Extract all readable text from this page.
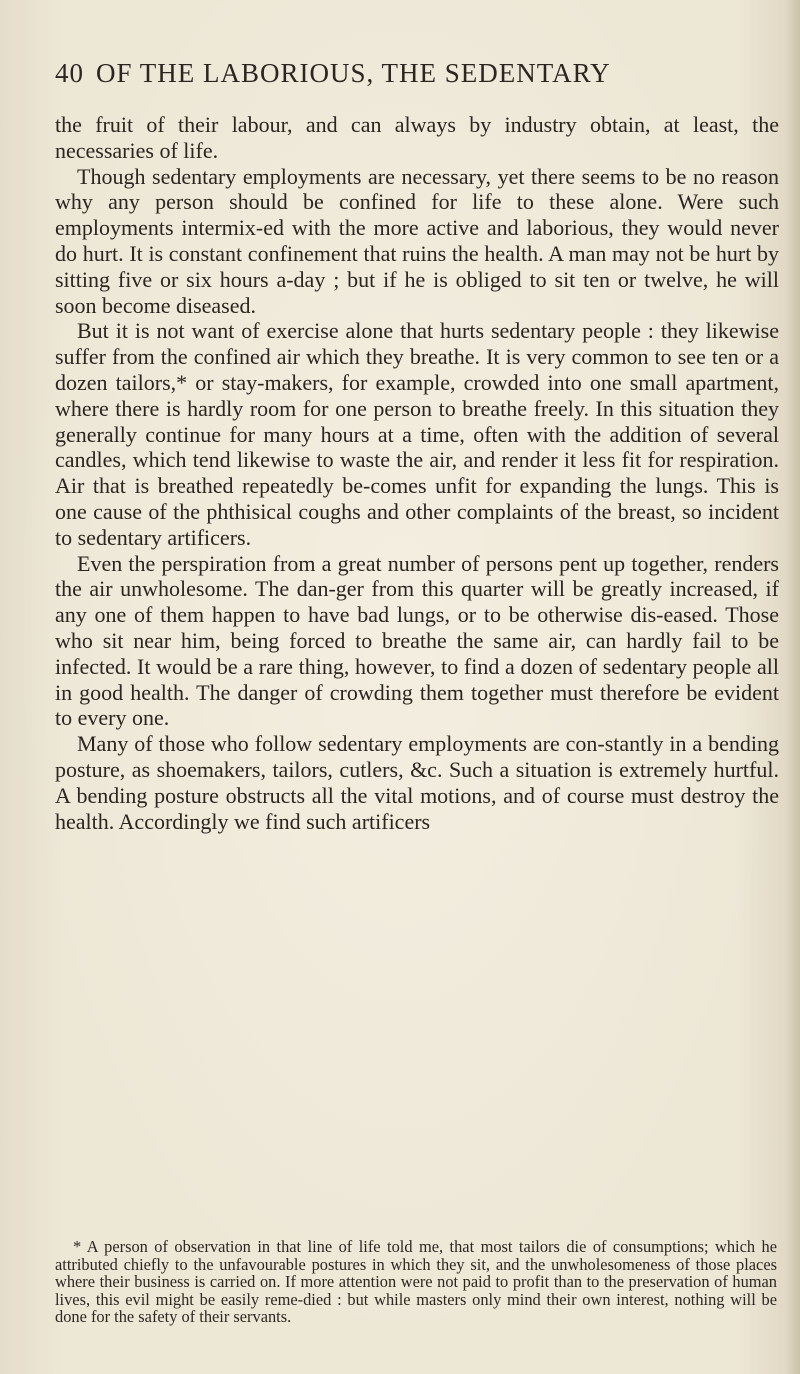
40 OF THE LABORIOUS, THE SEDENTARY

the fruit of their labour, and can always by industry obtain, at least, the necessaries of life.

Though sedentary employments are necessary, yet there seems to be no reason why any person should be confined for life to these alone. Were such employments intermix-ed with the more active and laborious, they would never do hurt. It is constant confinement that ruins the health. A man may not be hurt by sitting five or six hours a-day ; but if he is obliged to sit ten or twelve, he will soon become diseased.

But it is not want of exercise alone that hurts sedentary people : they likewise suffer from the confined air which they breathe. It is very common to see ten or a dozen tailors,* or stay-makers, for example, crowded into one small apartment, where there is hardly room for one person to breathe freely. In this situation they generally continue for many hours at a time, often with the addition of several candles, which tend likewise to waste the air, and render it less fit for respiration. Air that is breathed repeatedly be-comes unfit for expanding the lungs. This is one cause of the phthisical coughs and other complaints of the breast, so incident to sedentary artificers.

Even the perspiration from a great number of persons pent up together, renders the air unwholesome. The dan-ger from this quarter will be greatly increased, if any one of them happen to have bad lungs, or to be otherwise dis-eased. Those who sit near him, being forced to breathe the same air, can hardly fail to be infected. It would be a rare thing, however, to find a dozen of sedentary people all in good health. The danger of crowding them together must therefore be evident to every one.

Many of those who follow sedentary employments are con-stantly in a bending posture, as shoemakers, tailors, cutlers, &c. Such a situation is extremely hurtful. A bending posture obstructs all the vital motions, and of course must destroy the health. Accordingly we find such artificers

* A person of observation in that line of life told me, that most tailors die of consumptions; which he attributed chiefly to the unfavourable postures in which they sit, and the unwholesomeness of those places where their business is carried on. If more attention were not paid to profit than to the preservation of human lives, this evil might be easily reme-died : but while masters only mind their own interest, nothing will be done for the safety of their servants.
